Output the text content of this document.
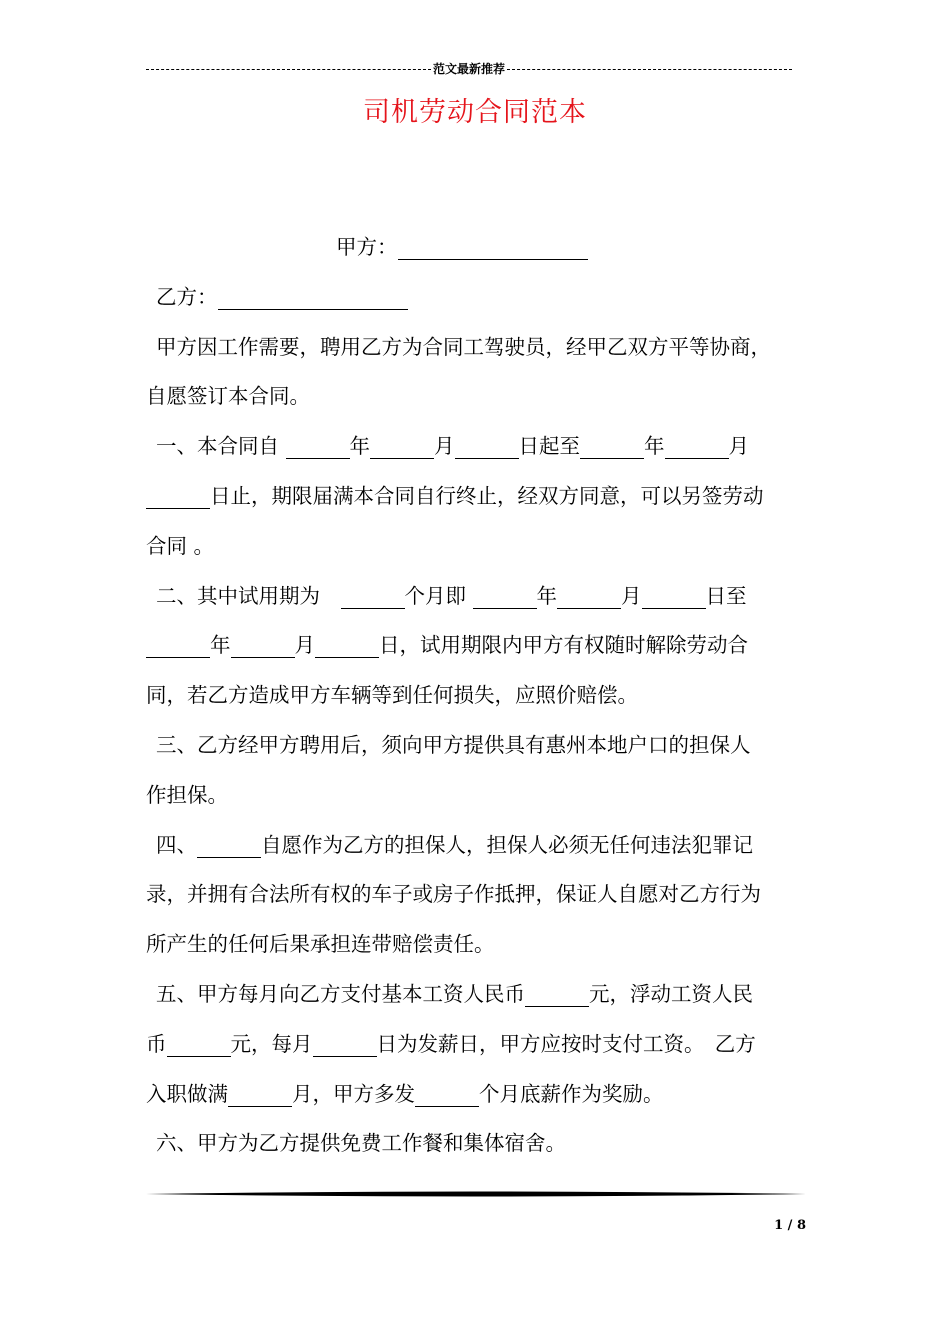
范文最新推荐
司机劳动合同范本
甲方：
乙方：
甲方因工作需要，聘用乙方为合同工驾驶员，经甲乙双方平等协商，
自愿签订本合同。
一、本合同自	年	月	日起至	年	月
日止，期限届满本合同自行终止，经双方同意，可以另签劳动
合同 。
二、其中试用期为　	个月即	年	月	日至
年	月	日，试用期限内甲方有权随时解除劳动合
同，若乙方造成甲方车辆等到任何损失，应照价赔偿。
三、乙方经甲方聘用后，须向甲方提供具有惠州本地户口的担保人
作担保。
四、	自愿作为乙方的担保人，担保人必须无任何违法犯罪记
录，并拥有合法所有权的车子或房子作抵押，保证人自愿对乙方行为
所产生的任何后果承担连带赔偿责任。
五、甲方每月向乙方支付基本工资人民币	元，浮动工资人民
币	元，每月	日为发薪日，甲方应按时支付工资。　乙方
入职做满	月，甲方多发	个月底薪作为奖励。
六、甲方为乙方提供免费工作餐和集体宿舍。
1 / 8
